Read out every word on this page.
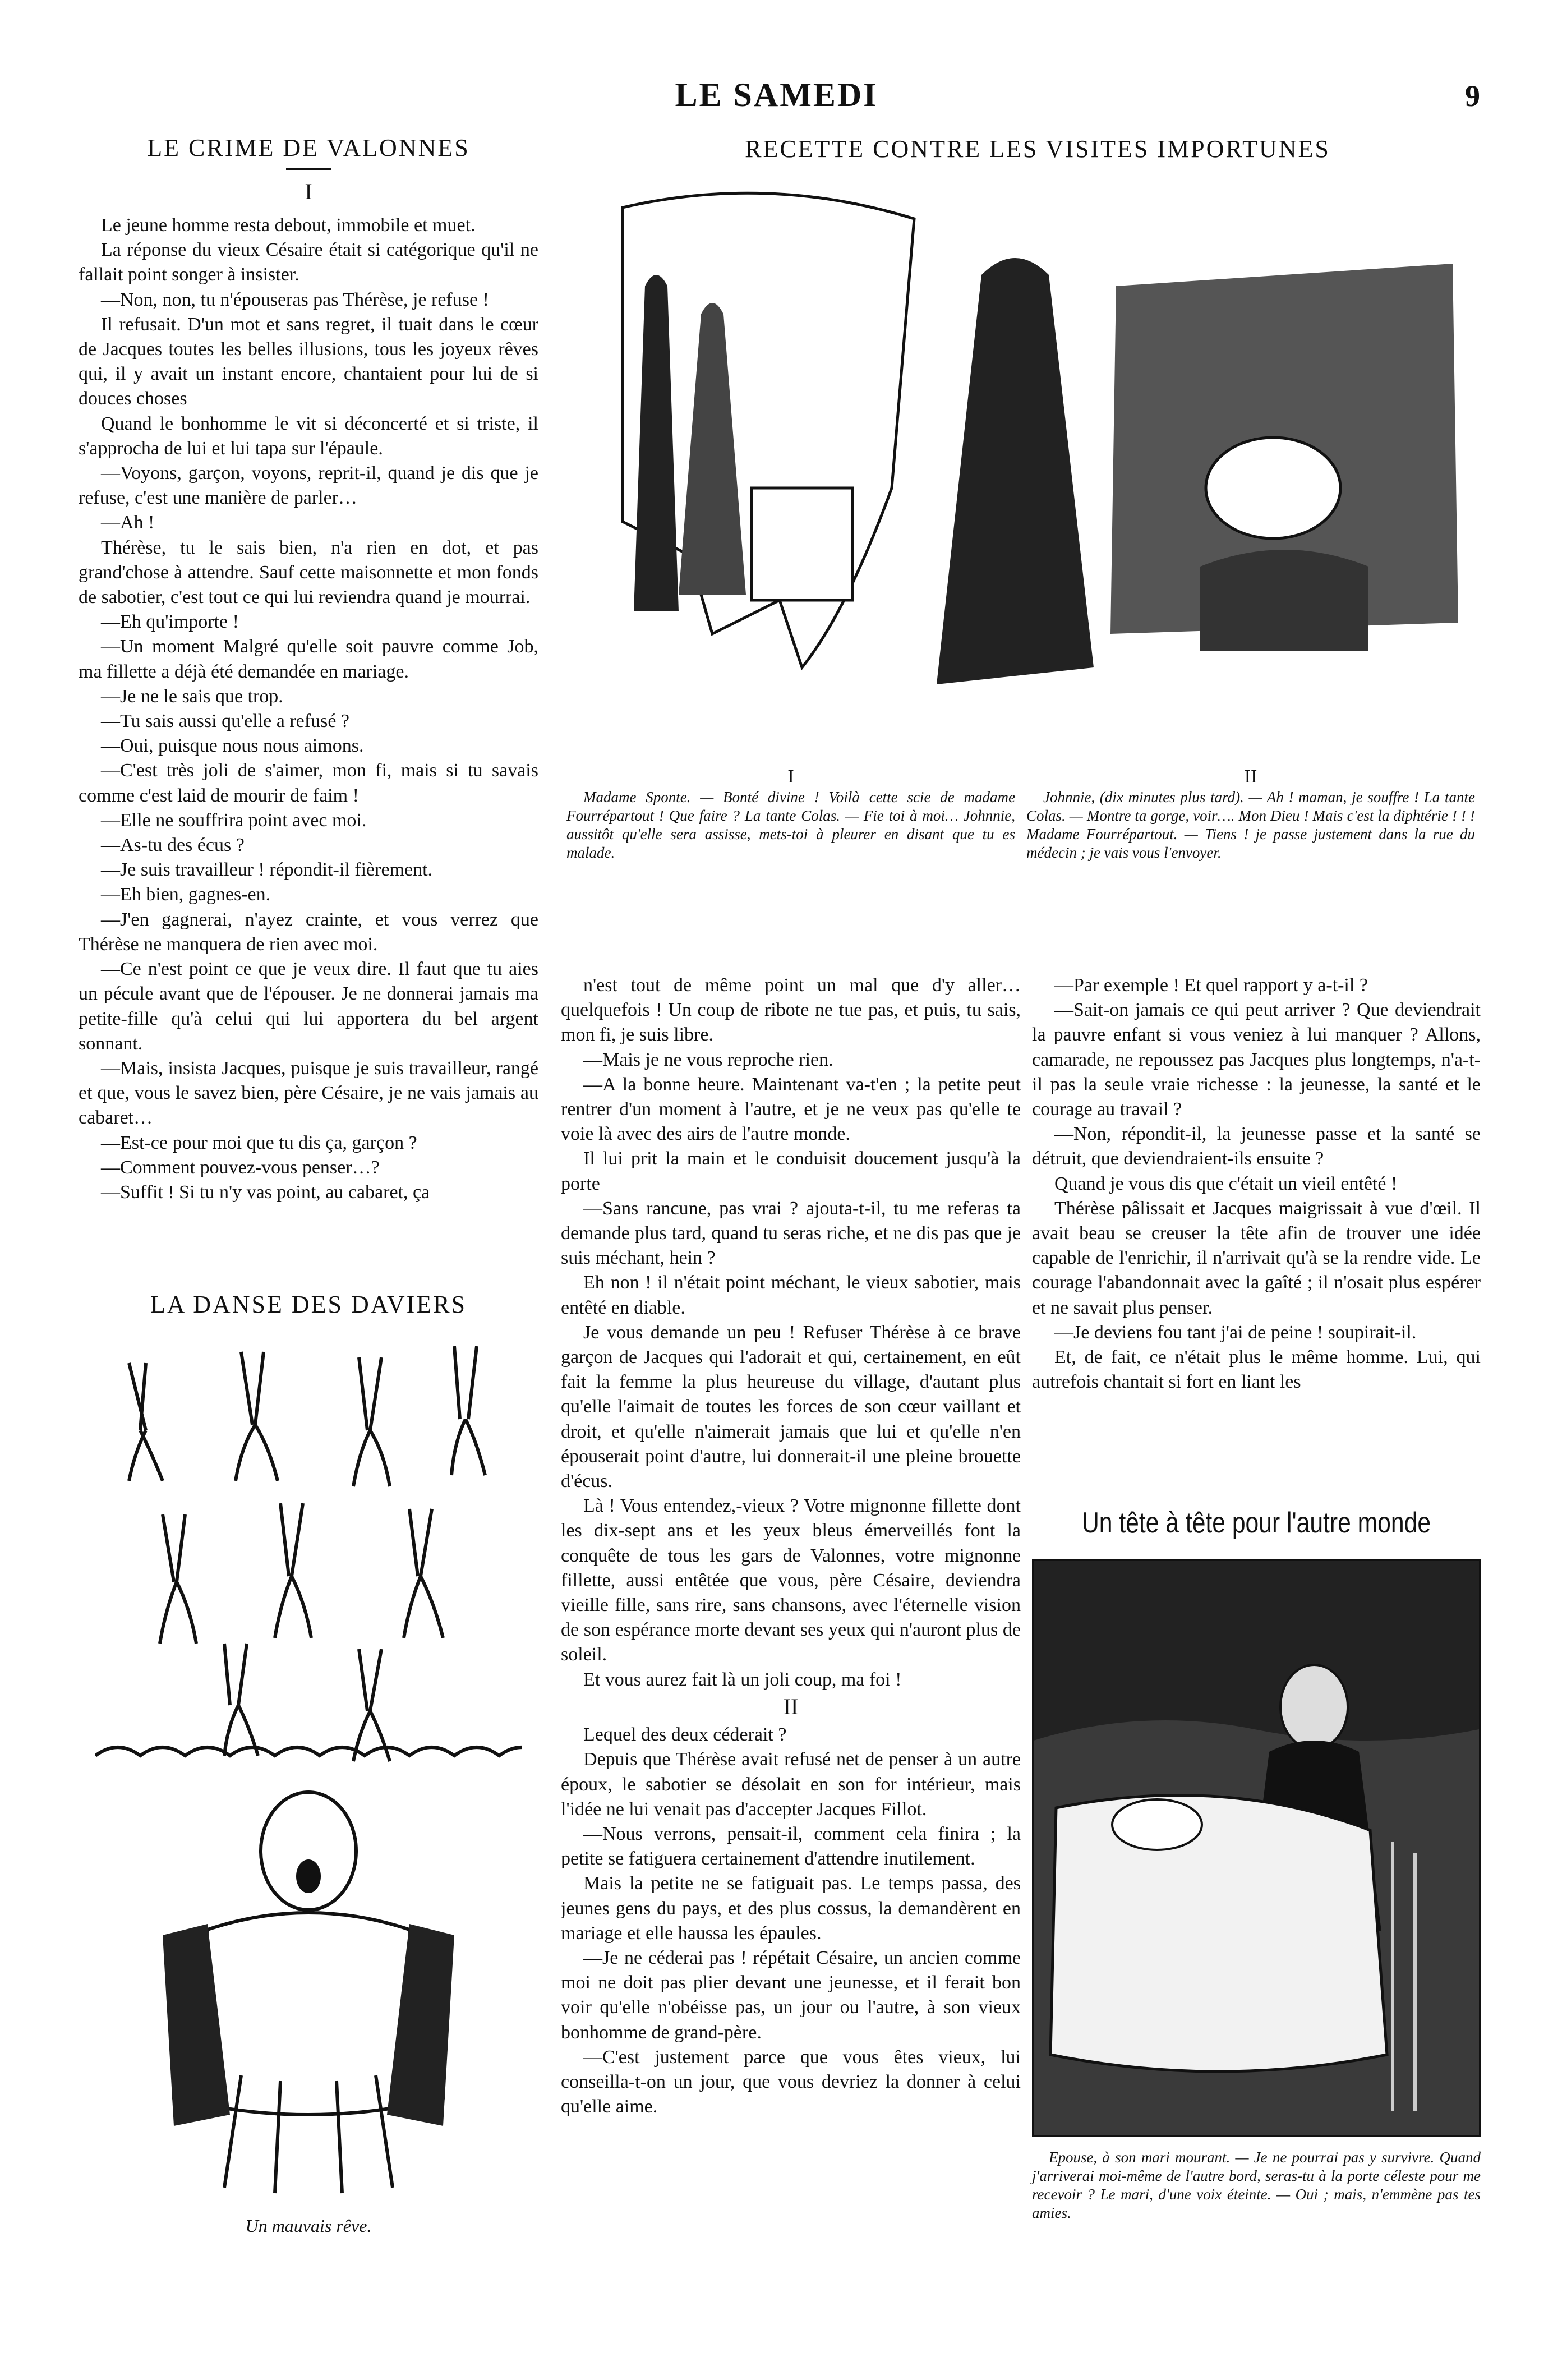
LE SAMEDI	9
LE CRIME DE VALONNES
I

Le jeune homme resta debout, immobile et muet.

La réponse du vieux Césaire était si catégorique qu'il ne fallait point songer à insister.

—Non, non, tu n'épouseras pas Thérèse, je refuse !

Il refusait. D'un mot et sans regret, il tuait dans le cœur de Jacques toutes les belles illusions, tous les joyeux rêves qui, il y avait un instant encore, chantaient pour lui de si douces choses

Quand le bonhomme le vit si déconcerté et si triste, il s'approcha de lui et lui tapa sur l'épaule.

—Voyons, garçon, voyons, reprit-il, quand je dis que je refuse, c'est une manière de parler…

—Ah !

Thérèse, tu le sais bien, n'a rien en dot, et pas grand'chose à attendre. Sauf cette maisonnette et mon fonds de sabotier, c'est tout ce qui lui reviendra quand je mourrai.

—Eh qu'importe !

—Un moment Malgré qu'elle soit pauvre comme Job, ma fillette a déjà été demandée en mariage.

—Je ne le sais que trop.

—Tu sais aussi qu'elle a refusé ?

—Oui, puisque nous nous aimons.

—C'est très joli de s'aimer, mon fi, mais si tu savais comme c'est laid de mourir de faim !

—Elle ne souffrira point avec moi.

—As-tu des écus ?

—Je suis travailleur ! répondit-il fièrement.

—Eh bien, gagnes-en.

—J'en gagnerai, n'ayez crainte, et vous verrez que Thérèse ne manquera de rien avec moi.

—Ce n'est point ce que je veux dire. Il faut que tu aies un pécule avant que de l'épouser. Je ne donnerai jamais ma petite-fille qu'à celui qui lui apportera du bel argent sonnant.

—Mais, insista Jacques, puisque je suis travailleur, rangé et que, vous le savez bien, père Césaire, je ne vais jamais au cabaret…

—Est-ce pour moi que tu dis ça, garçon ?

—Comment pouvez-vous penser…?

—Suffit ! Si tu n'y vas point, au cabaret, ça

LA DANSE DES DAVIERS
Un mauvais rêve.
RECETTE CONTRE LES VISITES IMPORTUNES
I

Madame Sponte. — Bonté divine ! Voilà cette scie de madame Fourrépartout ! Que faire ? La tante Colas. — Fie toi à moi… Johnnie, aussitôt qu'elle sera assisse, mets-toi à pleurer en disant que tu es malade.

II

Johnnie, (dix minutes plus tard). — Ah ! maman, je souffre ! La tante Colas. — Montre ta gorge, voir…. Mon Dieu ! Mais c'est la diphtérie ! ! ! Madame Fourrépartout. — Tiens ! je passe justement dans la rue du médecin ; je vais vous l'envoyer.

n'est tout de même point un mal que d'y aller… quelquefois ! Un coup de ribote ne tue pas, et puis, tu sais, mon fi, je suis libre.

—Mais je ne vous reproche rien.

—A la bonne heure. Maintenant va-t'en ; la petite peut rentrer d'un moment à l'autre, et je ne veux pas qu'elle te voie là avec des airs de l'autre monde.

Il lui prit la main et le conduisit doucement jusqu'à la porte

—Sans rancune, pas vrai ? ajouta-t-il, tu me referas ta demande plus tard, quand tu seras riche, et ne dis pas que je suis méchant, hein ?

Eh non ! il n'était point méchant, le vieux sabotier, mais entêté en diable.

Je vous demande un peu ! Refuser Thérèse à ce brave garçon de Jacques qui l'adorait et qui, certainement, en eût fait la femme la plus heureuse du village, d'autant plus qu'elle l'aimait de toutes les forces de son cœur vaillant et droit, et qu'elle n'aimerait jamais que lui et qu'elle n'en épouserait point d'autre, lui donnerait-il une pleine brouette d'écus.

Là ! Vous entendez,-vieux ? Votre mignonne fillette dont les dix-sept ans et les yeux bleus émerveillés font la conquête de tous les gars de Valonnes, votre mignonne fillette, aussi entêtée que vous, père Césaire, deviendra vieille fille, sans rire, sans chansons, avec l'éternelle vision de son espérance morte devant ses yeux qui n'auront plus de soleil.

Et vous aurez fait là un joli coup, ma foi !

II

Lequel des deux céderait ?

Depuis que Thérèse avait refusé net de penser à un autre époux, le sabotier se désolait en son for intérieur, mais l'idée ne lui venait pas d'accepter Jacques Fillot.

—Nous verrons, pensait-il, comment cela finira ; la petite se fatiguera certainement d'attendre inutilement.

Mais la petite ne se fatiguait pas. Le temps passa, des jeunes gens du pays, et des plus cossus, la demandèrent en mariage et elle haussa les épaules.

—Je ne céderai pas ! répétait Césaire, un ancien comme moi ne doit pas plier devant une jeunesse, et il ferait bon voir qu'elle n'obéisse pas, un jour ou l'autre, à son vieux bonhomme de grand-père.

—C'est justement parce que vous êtes vieux, lui conseilla-t-on un jour, que vous devriez la donner à celui qu'elle aime.

—Par exemple ! Et quel rapport y a-t-il ?

—Sait-on jamais ce qui peut arriver ? Que deviendrait la pauvre enfant si vous veniez à lui manquer ? Allons, camarade, ne repoussez pas Jacques plus longtemps, n'a-t-il pas la seule vraie richesse : la jeunesse, la santé et le courage au travail ?

—Non, répondit-il, la jeunesse passe et la santé se détruit, que deviendraient-ils ensuite ?

Quand je vous dis que c'était un vieil entêté !

Thérèse pâlissait et Jacques maigrissait à vue d'œil. Il avait beau se creuser la tête afin de trouver une idée capable de l'enrichir, il n'arrivait qu'à se la rendre vide. Le courage l'abandonnait avec la gaîté ; il n'osait plus espérer et ne savait plus penser.

—Je deviens fou tant j'ai de peine ! soupirait-il.

Et, de fait, ce n'était plus le même homme. Lui, qui autrefois chantait si fort en liant les

Un tête à tête pour l'autre monde

Epouse, à son mari mourant. — Je ne pourrai pas y survivre. Quand j'arriverai moi-même de l'autre bord, seras-tu à la porte céleste pour me recevoir ? Le mari, d'une voix éteinte. — Oui ; mais, n'emmène pas tes amies.
